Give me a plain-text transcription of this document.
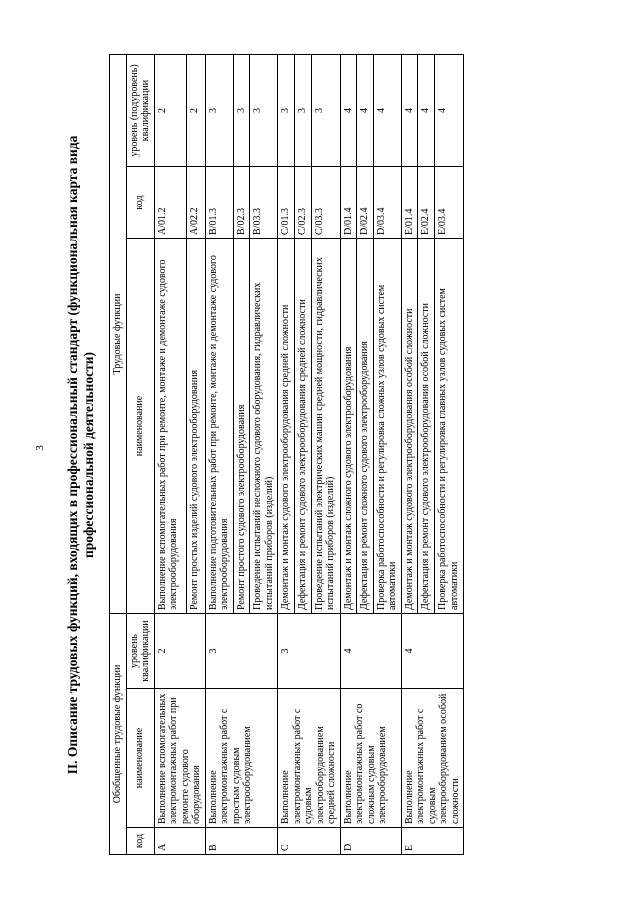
3 II. Описание трудовых функций, входящих в профессиональный стандарт (функциональная карта вида профессиональной деятельности)
Обобщенные трудовые функции			Трудовые функции		
код	наименование	уровень квалификации	наименование	код	уровень (подуровень) квалификации
A	Выполнение вспомогательных электромонтажных работ при ремонте судового оборудования	2	Выполнение вспомогательных работ при ремонте, монтаже и демонтаже судового электрооборудования	A/01.2	2
			Ремонт простых изделий судового электрооборудования	A/02.2	2
B	Выполнение электромонтажных работ с простым судовым электрооборудованием	3	Выполнение подготовительных работ при ремонте, монтаже и демонтаже судового электрооборудования	B/01.3	3
			Ремонт простого судового электрооборудования	B/02.3	3
			Проведение испытаний несложного судового оборудования, гидравлических испытаний приборов (изделий)	B/03.3	3
C	Выполнение электромонтажных работ с судовым электрооборудованием средней сложности	3	Демонтаж и монтаж судового электрооборудования средней сложности	C/01.3	3
			Дефектация и ремонт судового электрооборудования средней сложности	C/02.3	3
			Проведение испытаний электрических машин средней мощности, гидравлических испытаний приборов (изделий)	C/03.3	3
D	Выполнение электромонтажных работ со сложным судовым электрооборудованием	4	Демонтаж и монтаж сложного судового электрооборудования	D/01.4	4
			Дефектация и ремонт сложного судового электрооборудования	D/02.4	4
			Проверка работоспособности и регулировка сложных узлов судовых систем автоматики	D/03.4	4
E	Выполнение электромонтажных работ с судовым электрооборудованием особой сложности	4	Демонтаж и монтаж судового электрооборудования особой сложности	E/01.4	4
			Дефектация и ремонт судового электрооборудования особой сложности	E/02.4	4
			Проверка работоспособности и регулировка главных узлов судовых систем автоматики	E/03.4	4
